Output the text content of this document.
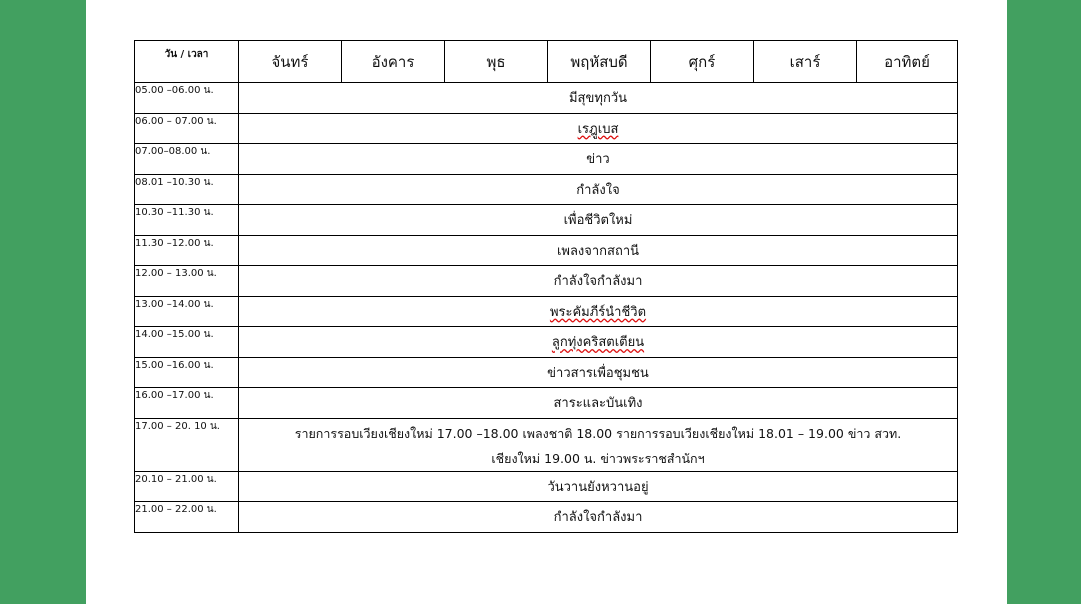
วัน / เวลา	จันทร์	อังคาร	พุธ	พฤหัสบดี	ศุกร์	เสาร์	อาทิตย์
05.00 –06.00 น.	มีสุขทุกวัน						
06.00 – 07.00 น.	เรฎูเบส						
07.00–08.00 น.	ข่าว						
08.01 –10.30 น.	กำลังใจ						
10.30 –11.30 น.	เพื่อชีวิตใหม่						
11.30 –12.00 น.	เพลงจากสถานี						
12.00 – 13.00 น.	กำลังใจกำลังมา						
13.00 –14.00 น.	พระคัมภีร์นำชีวิต						
14.00 –15.00 น.	ลูกทุ่งคริสตเตียน						
15.00 –16.00 น.	ข่าวสารเพื่อชุมชน						
16.00 –17.00 น.	สาระและบันเทิง						
17.00 – 20. 10 น.	รายการรอบเวียงเชียงใหม่ 17.00 –18.00 เพลงชาติ 18.00 รายการรอบเวียงเชียงใหม่ 18.01 – 19.00 ข่าว สวท.
เชียงใหม่ 19.00 น. ข่าวพระราชสำนักฯ						

20.10 – 21.00 น.	วันวานยังหวานอยู่						
21.00 – 22.00 น.	กำลังใจกำลังมา						
